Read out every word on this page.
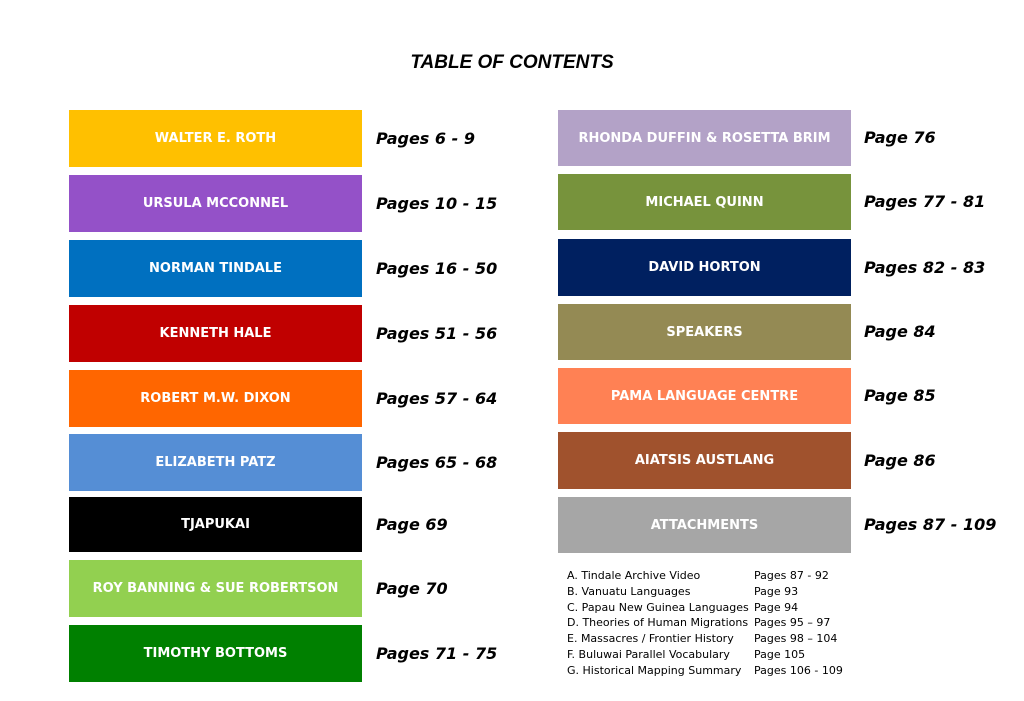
TABLE OF CONTENTS
WALTER E. ROTH	Pages 6 - 9
URSULA MCCONNEL	Pages 10 - 15
NORMAN TINDALE	Pages 16 - 50
KENNETH HALE	Pages 51 - 56
ROBERT M.W. DIXON	Pages 57 - 64
ELIZABETH PATZ	Pages 65 - 68
TJAPUKAI	Page 69
ROY BANNING & SUE ROBERTSON Page 70
TIMOTHY BOTTOMS	Pages 71 - 75
RHONDA DUFFIN & ROSETTA BRIM Page 76
MICHAEL QUINN	Pages 77 - 81
DAVID HORTON	Pages 82 - 83
SPEAKERS	Page 84
PAMA LANGUAGE CENTRE	Page 85
AIATSIS AUSTLANG	Page 86
ATTACHMENTS	Pages 87 - 109
A. Tindale Archive Video	Pages 87 - 92
B. Vanuatu Languages	Page 93
C. Papau New Guinea Languages Page 94
D. Theories of Human Migrations Pages 95 – 97
E. Massacres / Frontier History	Pages 98 – 104
F. Buluwai Parallel Vocabulary	Page 105
G. Historical Mapping Summary	Pages 106 - 109
